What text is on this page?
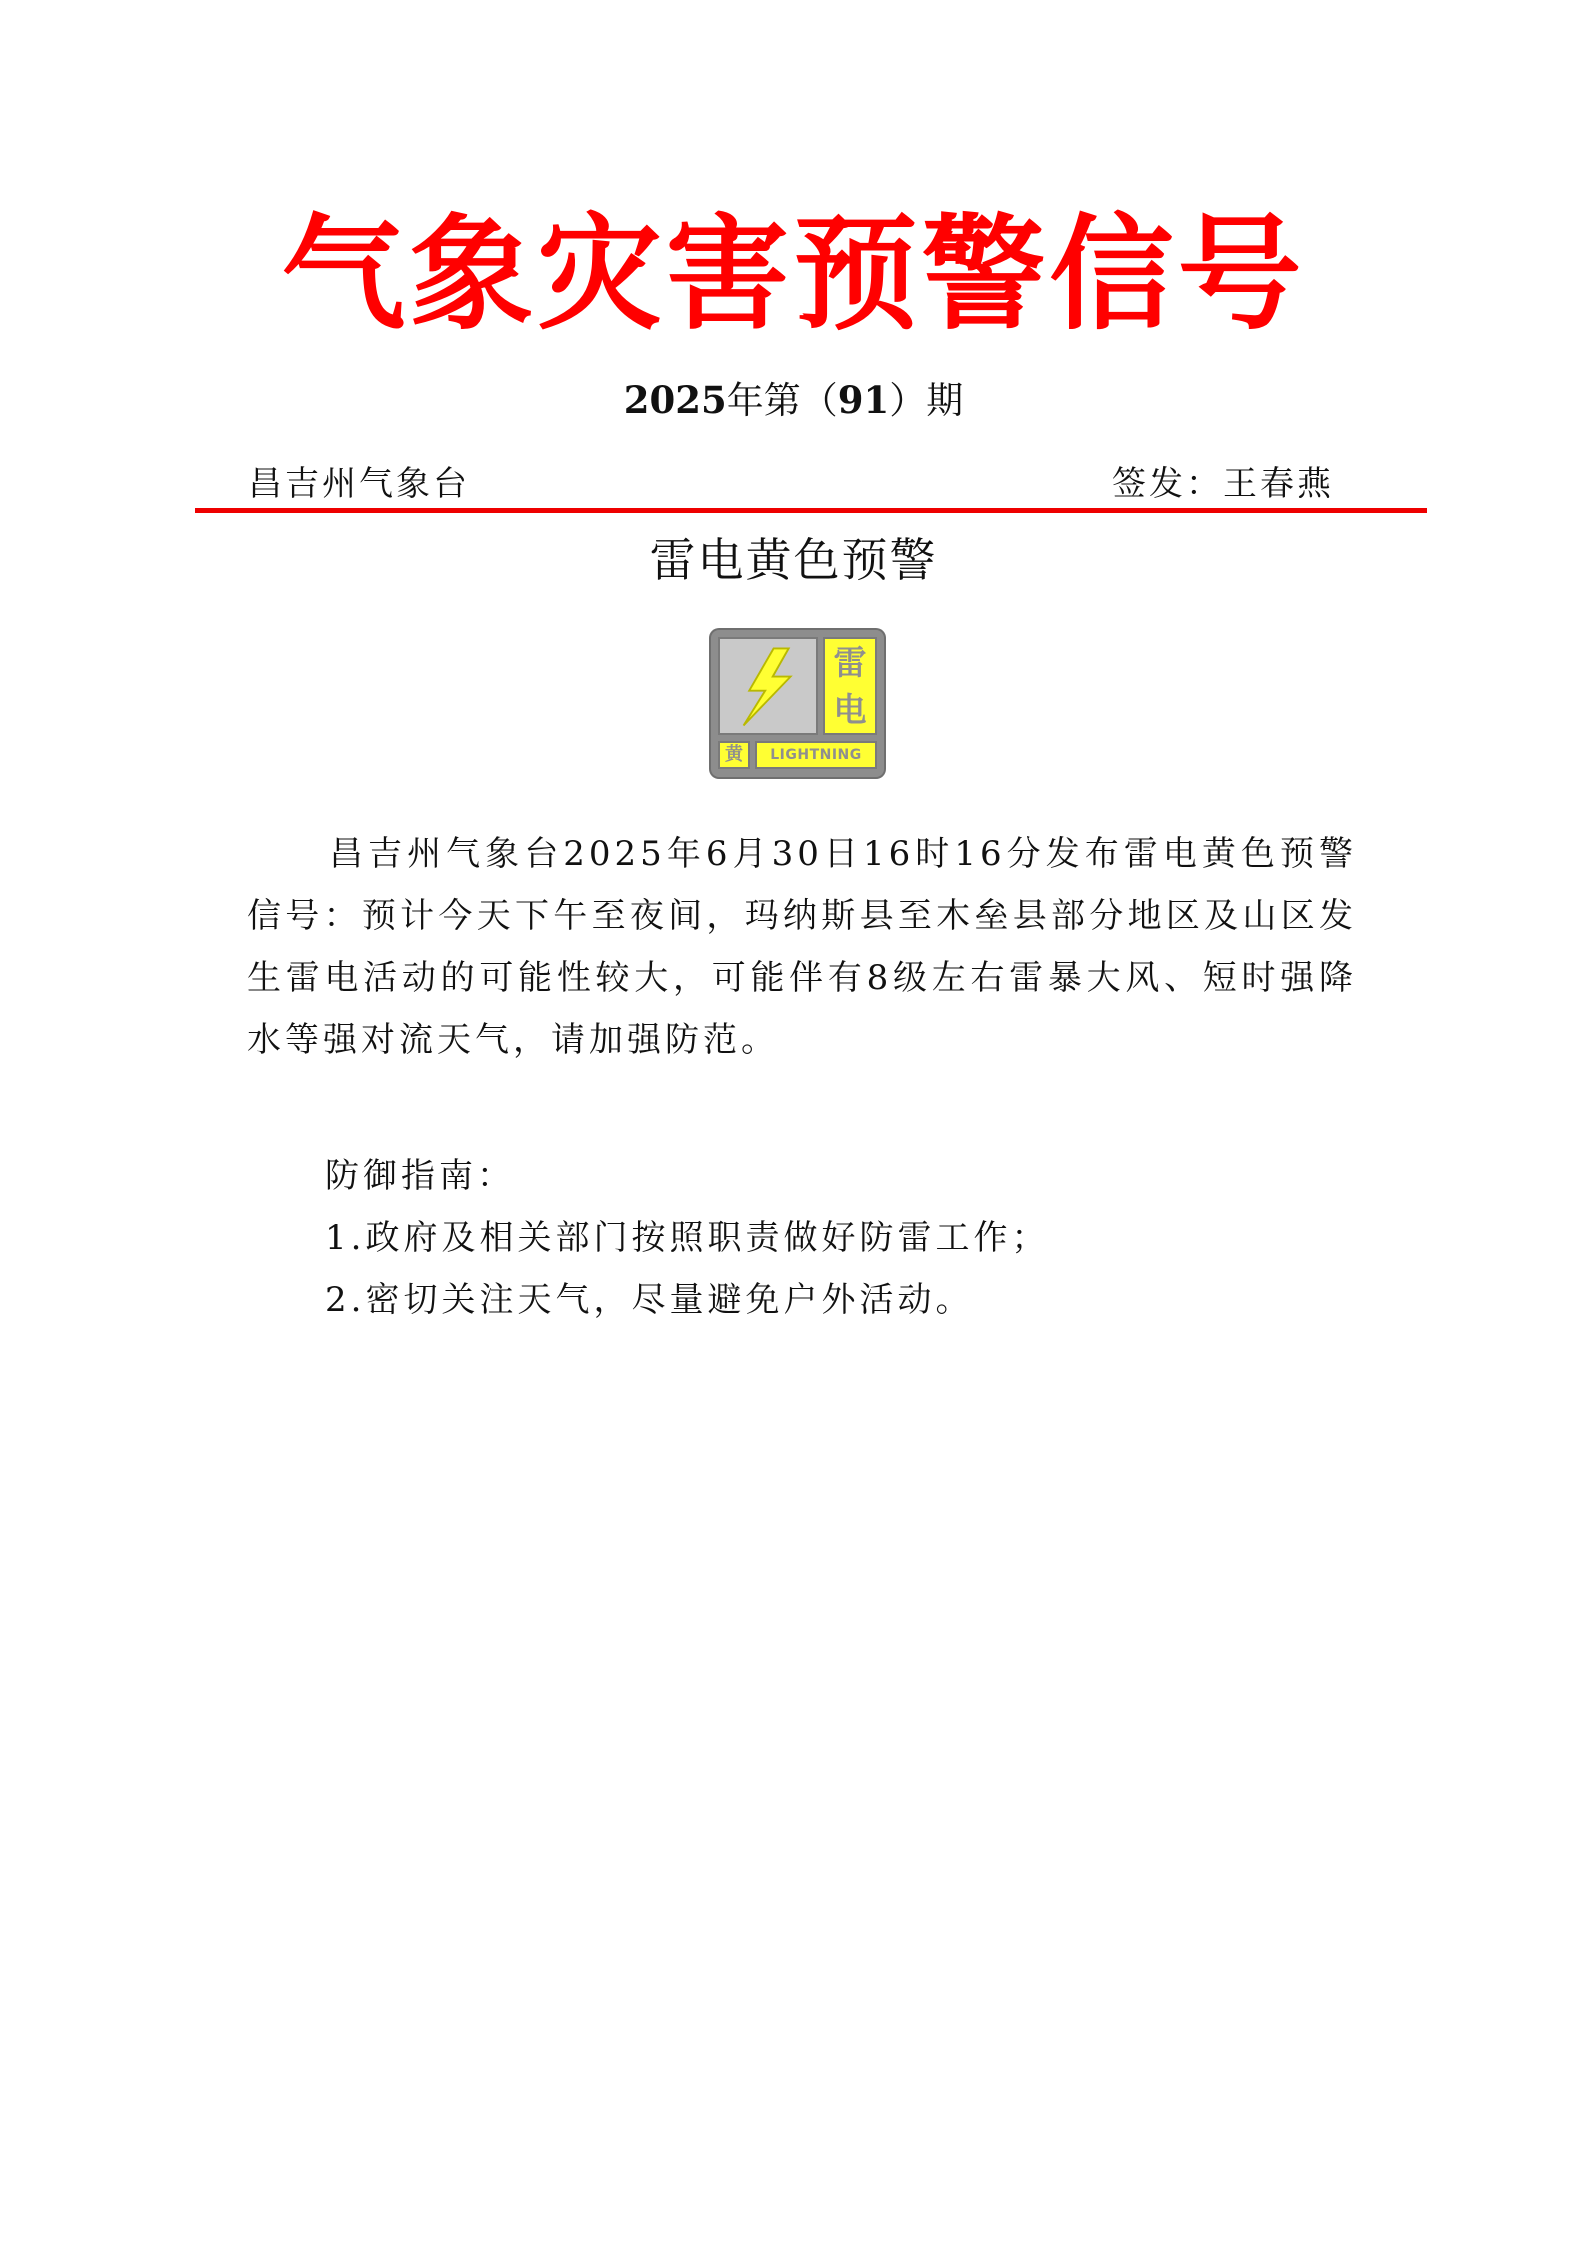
气象灾害预警信号
2025年第（91）期
昌吉州气象台	签发：王春燕
雷电黄色预警
雷
电
黄	LIGHTNING

昌吉州气象台2025年6月30日16时16分发布雷电黄色预警信号：预计今天下午至夜间，玛纳斯县至木垒县部分地区及山区发生雷电活动的可能性较大，可能伴有8级左右雷暴大风、短时强降水等强对流天气，请加强防范。

防御指南：
1.政府及相关部门按照职责做好防雷工作；
2.密切关注天气，尽量避免户外活动。
